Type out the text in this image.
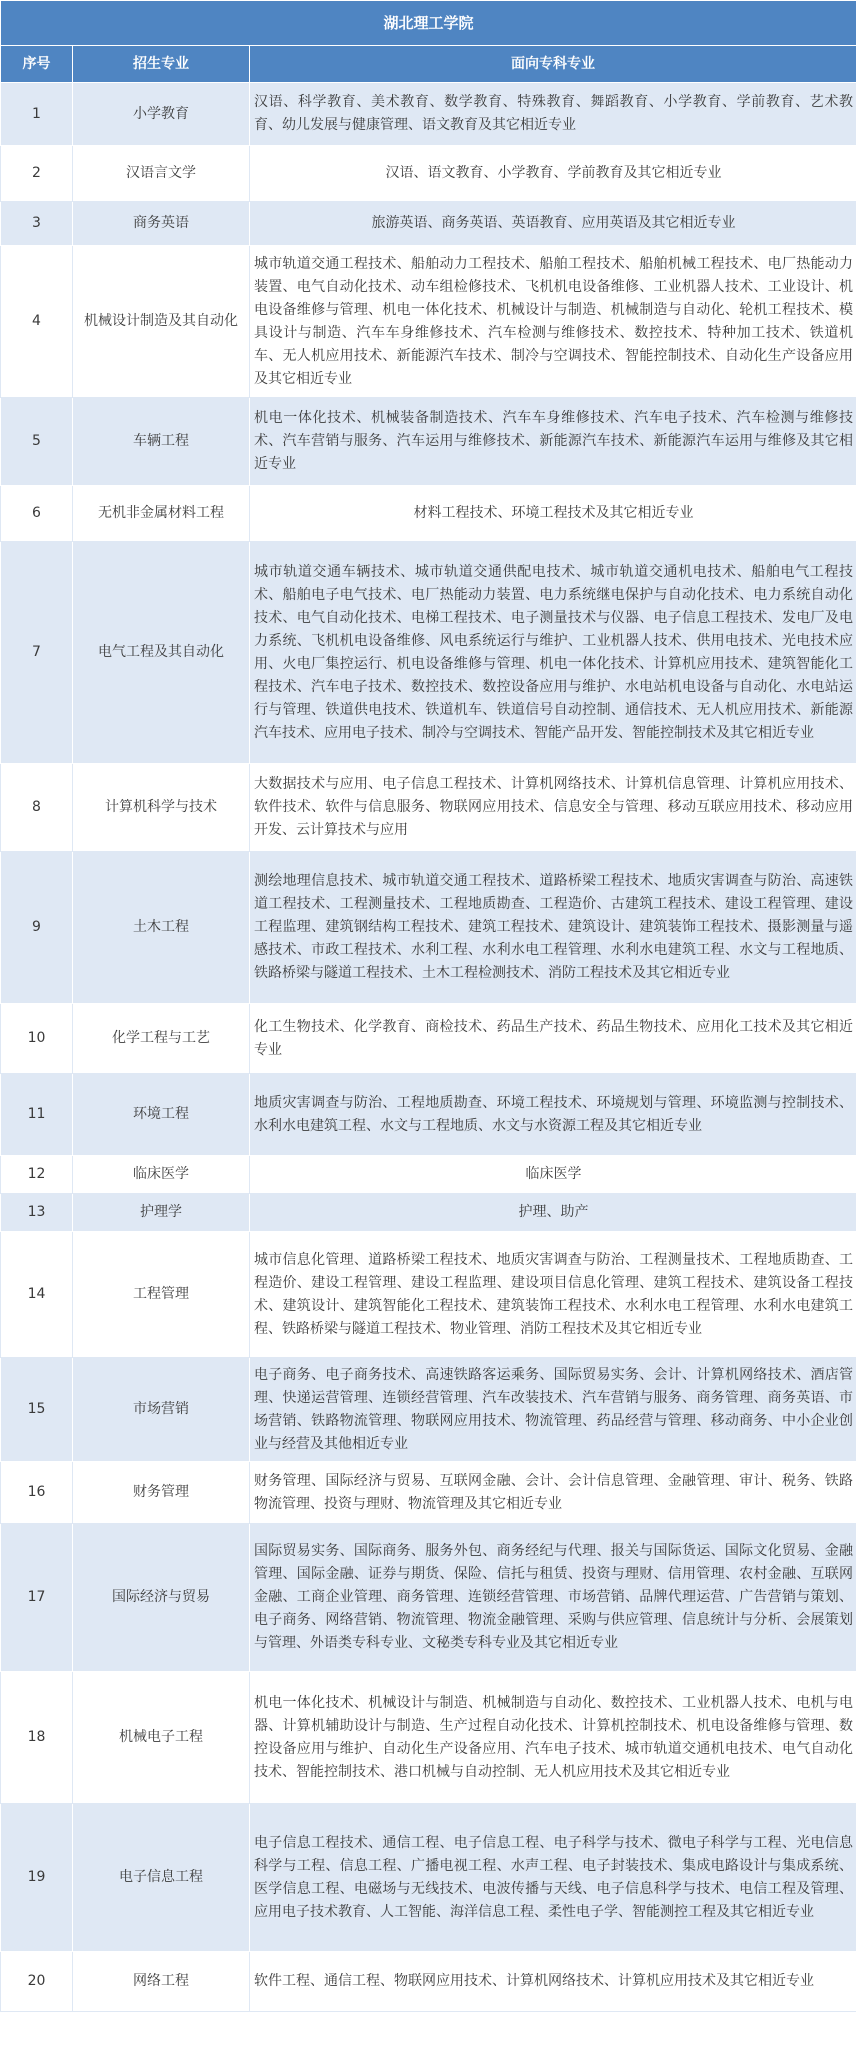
湖北理工学院		
序号	招生专业	面向专科专业
1	小学教育	汉语、科学教育、美术教育、数学教育、特殊教育、舞蹈教育、小学教育、学前教育、艺术教育、幼儿发展与健康管理、语文教育及其它相近专业
2	汉语言文学	汉语、语文教育、小学教育、学前教育及其它相近专业
3	商务英语	旅游英语、商务英语、英语教育、应用英语及其它相近专业
4	机械设计制造及其自动化	城市轨道交通工程技术、船舶动力工程技术、船舶工程技术、船舶机械工程技术、电厂热能动力装置、电气自动化技术、动车组检修技术、飞机机电设备维修、工业机器人技术、工业设计、机电设备维修与管理、机电一体化技术、机械设计与制造、机械制造与自动化、轮机工程技术、模具设计与制造、汽车车身维修技术、汽车检测与维修技术、数控技术、特种加工技术、铁道机车、无人机应用技术、新能源汽车技术、制冷与空调技术、智能控制技术、自动化生产设备应用及其它相近专业
5	车辆工程	机电一体化技术、机械装备制造技术、汽车车身维修技术、汽车电子技术、汽车检测与维修技术、汽车营销与服务、汽车运用与维修技术、新能源汽车技术、新能源汽车运用与维修及其它相近专业
6	无机非金属材料工程	材料工程技术、环境工程技术及其它相近专业
7	电气工程及其自动化	城市轨道交通车辆技术、城市轨道交通供配电技术、城市轨道交通机电技术、船舶电气工程技术、船舶电子电气技术、电厂热能动力装置、电力系统继电保护与自动化技术、电力系统自动化技术、电气自动化技术、电梯工程技术、电子测量技术与仪器、电子信息工程技术、发电厂及电力系统、飞机机电设备维修、风电系统运行与维护、工业机器人技术、供用电技术、光电技术应用、火电厂集控运行、机电设备维修与管理、机电一体化技术、计算机应用技术、建筑智能化工程技术、汽车电子技术、数控技术、数控设备应用与维护、水电站机电设备与自动化、水电站运行与管理、铁道供电技术、铁道机车、铁道信号自动控制、通信技术、无人机应用技术、新能源汽车技术、应用电子技术、制冷与空调技术、智能产品开发、智能控制技术及其它相近专业
8	计算机科学与技术	大数据技术与应用、电子信息工程技术、计算机网络技术、计算机信息管理、计算机应用技术、软件技术、软件与信息服务、物联网应用技术、信息安全与管理、移动互联应用技术、移动应用开发、云计算技术与应用
9	土木工程	测绘地理信息技术、城市轨道交通工程技术、道路桥梁工程技术、地质灾害调查与防治、高速铁道工程技术、工程测量技术、工程地质勘查、工程造价、古建筑工程技术、建设工程管理、建设工程监理、建筑钢结构工程技术、建筑工程技术、建筑设计、建筑装饰工程技术、摄影测量与遥感技术、市政工程技术、水利工程、水利水电工程管理、水利水电建筑工程、水文与工程地质、铁路桥梁与隧道工程技术、土木工程检测技术、消防工程技术及其它相近专业
10	化学工程与工艺	化工生物技术、化学教育、商检技术、药品生产技术、药品生物技术、应用化工技术及其它相近专业
11	环境工程	地质灾害调查与防治、工程地质勘查、环境工程技术、环境规划与管理、环境监测与控制技术、水利水电建筑工程、水文与工程地质、水文与水资源工程及其它相近专业
12	临床医学	临床医学
13	护理学	护理、助产
14	工程管理	城市信息化管理、道路桥梁工程技术、地质灾害调查与防治、工程测量技术、工程地质勘查、工程造价、建设工程管理、建设工程监理、建设项目信息化管理、建筑工程技术、建筑设备工程技术、建筑设计、建筑智能化工程技术、建筑装饰工程技术、水利水电工程管理、水利水电建筑工程、铁路桥梁与隧道工程技术、物业管理、消防工程技术及其它相近专业
15	市场营销	电子商务、电子商务技术、高速铁路客运乘务、国际贸易实务、会计、计算机网络技术、酒店管理、快递运营管理、连锁经营管理、汽车改装技术、汽车营销与服务、商务管理、商务英语、市场营销、铁路物流管理、物联网应用技术、物流管理、药品经营与管理、移动商务、中小企业创业与经营及其他相近专业
16	财务管理	财务管理、国际经济与贸易、互联网金融、会计、会计信息管理、金融管理、审计、税务、铁路物流管理、投资与理财、物流管理及其它相近专业
17	国际经济与贸易	国际贸易实务、国际商务、服务外包、商务经纪与代理、报关与国际货运、国际文化贸易、金融管理、国际金融、证券与期货、保险、信托与租赁、投资与理财、信用管理、农村金融、互联网金融、工商企业管理、商务管理、连锁经营管理、市场营销、品牌代理运营、广告营销与策划、电子商务、网络营销、物流管理、物流金融管理、采购与供应管理、信息统计与分析、会展策划与管理、外语类专科专业、文秘类专科专业及其它相近专业
18	机械电子工程	机电一体化技术、机械设计与制造、机械制造与自动化、数控技术、工业机器人技术、电机与电器、计算机辅助设计与制造、生产过程自动化技术、计算机控制技术、机电设备维修与管理、数控设备应用与维护、自动化生产设备应用、汽车电子技术、城市轨道交通机电技术、电气自动化技术、智能控制技术、港口机械与自动控制、无人机应用技术及其它相近专业
19	电子信息工程	电子信息工程技术、通信工程、电子信息工程、电子科学与技术、微电子科学与工程、光电信息科学与工程、信息工程、广播电视工程、水声工程、电子封装技术、集成电路设计与集成系统、医学信息工程、电磁场与无线技术、电波传播与天线、电子信息科学与技术、电信工程及管理、应用电子技术教育、人工智能、海洋信息工程、柔性电子学、智能测控工程及其它相近专业
20	网络工程	软件工程、通信工程、物联网应用技术、计算机网络技术、计算机应用技术及其它相近专业
